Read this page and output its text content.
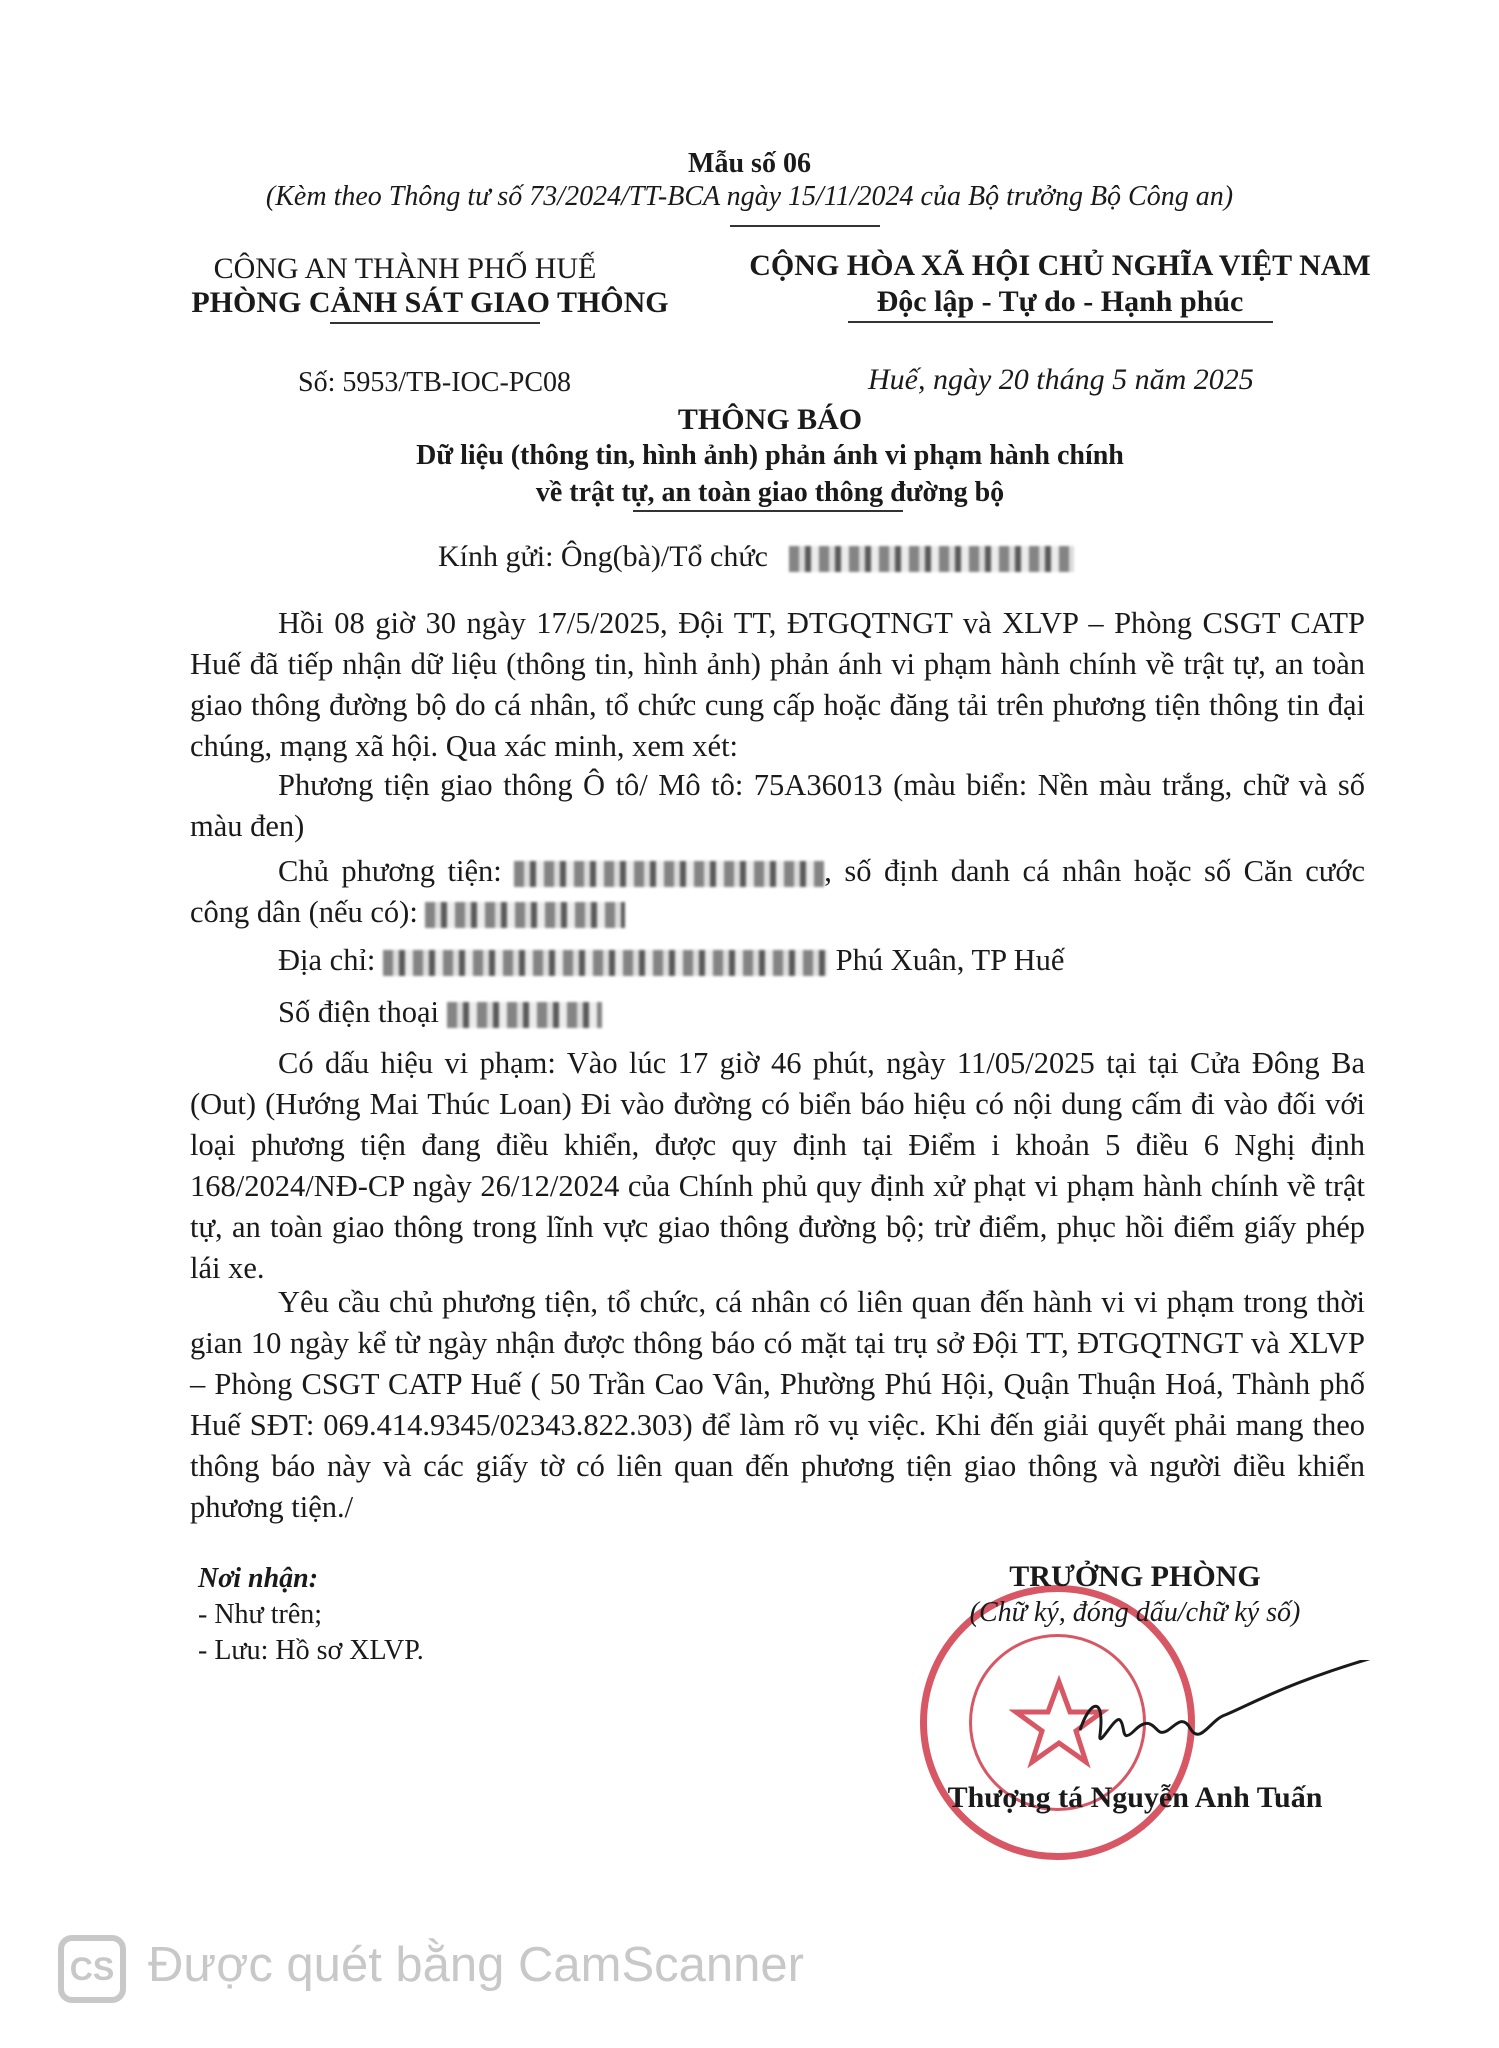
Mẫu số 06
(Kèm theo Thông tư số 73/2024/TT-BCA ngày 15/11/2024 của Bộ trưởng Bộ Công an)
CÔNG AN THÀNH PHỐ HUẾ
PHÒNG CẢNH SÁT GIAO THÔNG
CỘNG HÒA XÃ HỘI CHỦ NGHĨA VIỆT NAM
Độc lập - Tự do - Hạnh phúc
Số: 5953/TB-IOC-PC08	Huế, ngày 20 tháng 5 năm 2025
THÔNG BÁO
Dữ liệu (thông tin, hình ảnh) phản ánh vi phạm hành chính
về trật tự, an toàn giao thông đường bộ
Kính gửi: Ông(bà)/Tổ chức

Hồi 08 giờ 30 ngày 17/5/2025, Đội TT, ĐTGQTNGT và XLVP – Phòng CSGT CATP Huế đã tiếp nhận dữ liệu (thông tin, hình ảnh) phản ánh vi phạm hành chính về trật tự, an toàn giao thông đường bộ do cá nhân, tổ chức cung cấp hoặc đăng tải trên phương tiện thông tin đại chúng, mạng xã hội. Qua xác minh, xem xét:

Phương tiện giao thông Ô tô/ Mô tô: 75A36013 (màu biển: Nền màu trắng, chữ và số màu đen)

Chủ phương tiện:	, số định danh cá nhân hoặc số Căn cước công dân (nếu có):

Địa chỉ:	Phú Xuân, TP Huế

Số điện thoại

Có dấu hiệu vi phạm: Vào lúc 17 giờ 46 phút, ngày 11/05/2025 tại tại Cửa Đông Ba (Out) (Hướng Mai Thúc Loan) Đi vào đường có biển báo hiệu có nội dung cấm đi vào đối với loại phương tiện đang điều khiển, được quy định tại Điểm i khoản 5 điều 6 Nghị định 168/2024/NĐ-CP ngày 26/12/2024 của Chính phủ quy định xử phạt vi phạm hành chính về trật tự, an toàn giao thông trong lĩnh vực giao thông đường bộ; trừ điểm, phục hồi điểm giấy phép lái xe.

Yêu cầu chủ phương tiện, tổ chức, cá nhân có liên quan đến hành vi vi phạm trong thời gian 10 ngày kể từ ngày nhận được thông báo có mặt tại trụ sở Đội TT, ĐTGQTNGT và XLVP – Phòng CSGT CATP Huế ( 50 Trần Cao Vân, Phường Phú Hội, Quận Thuận Hoá, Thành phố Huế SĐT: 069.414.9345/02343.822.303) để làm rõ vụ việc. Khi đến giải quyết phải mang theo thông báo này và các giấy tờ có liên quan đến phương tiện giao thông và người điều khiển phương tiện./

Nơi nhận:
- Như trên;
- Lưu: Hồ sơ XLVP.
TRƯỞNG PHÒNG
(Chữ ký, đóng dấu/chữ ký số)
Thượng tá Nguyễn Anh Tuấn
CS Được quét bằng CamScanner
